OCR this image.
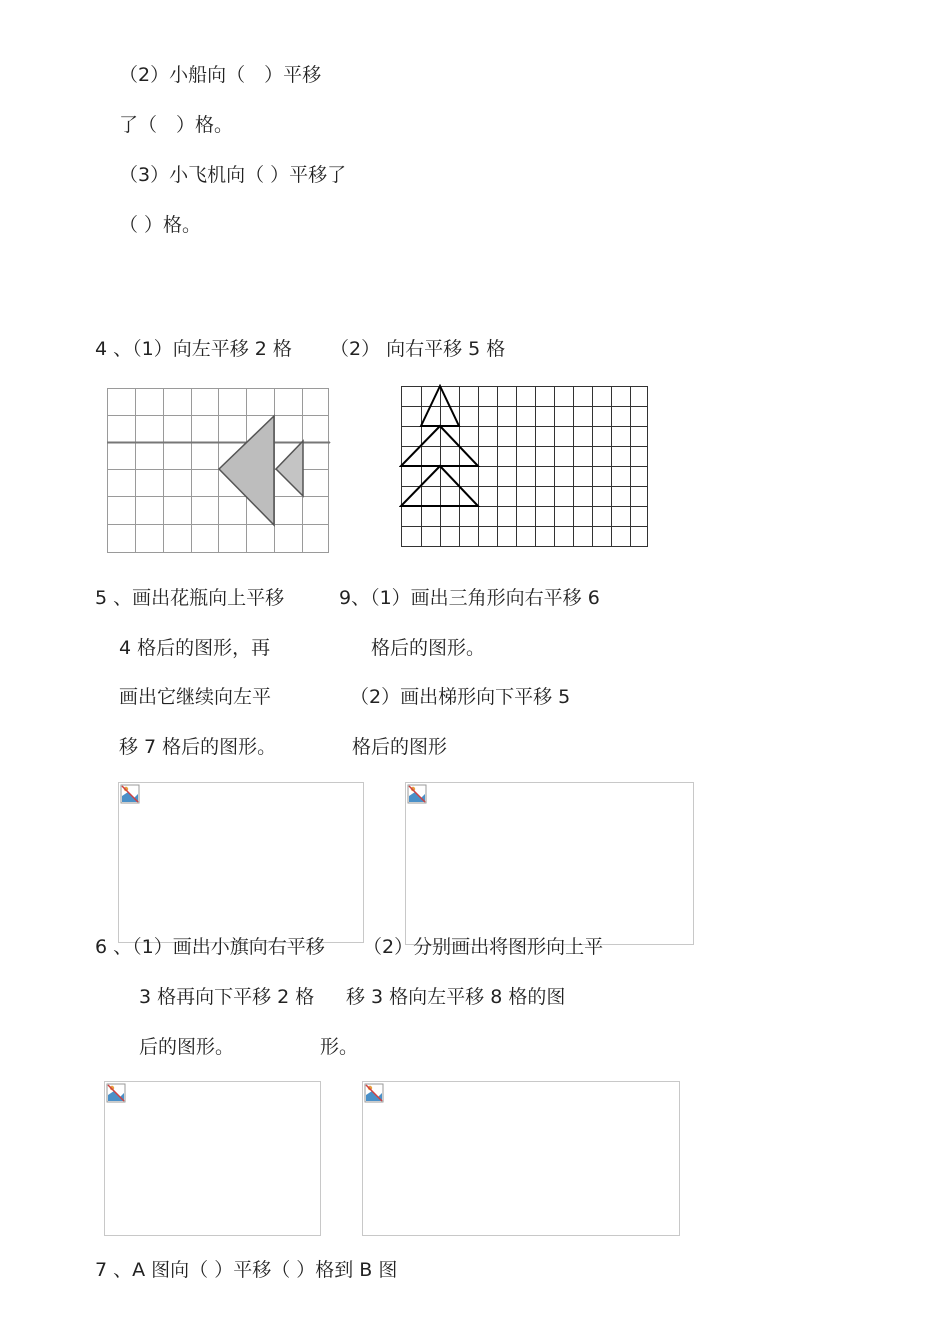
（2）小船向（　）平移
了（　）格。
（3）小飞机向（ ）平移了
（ ）格。
4 、（1）向左平移 2 格 （2） 向右平移 5 格
5 、画出花瓶向上平移
4 格后的图形，再
画出它继续向左平
移 7 格后的图形。
9、（1）画出三角形向右平移 6
格后的图形。
（2）画出梯形向下平移 5
格后的图形
6 、（1）画出小旗向右平移 （2）分别画出将图形向上平
3 格再向下平移 2 格 移 3 格向左平移 8 格的图
后的图形。	形。
7 、A 图向（ ）平移（ ）格到 B 图
